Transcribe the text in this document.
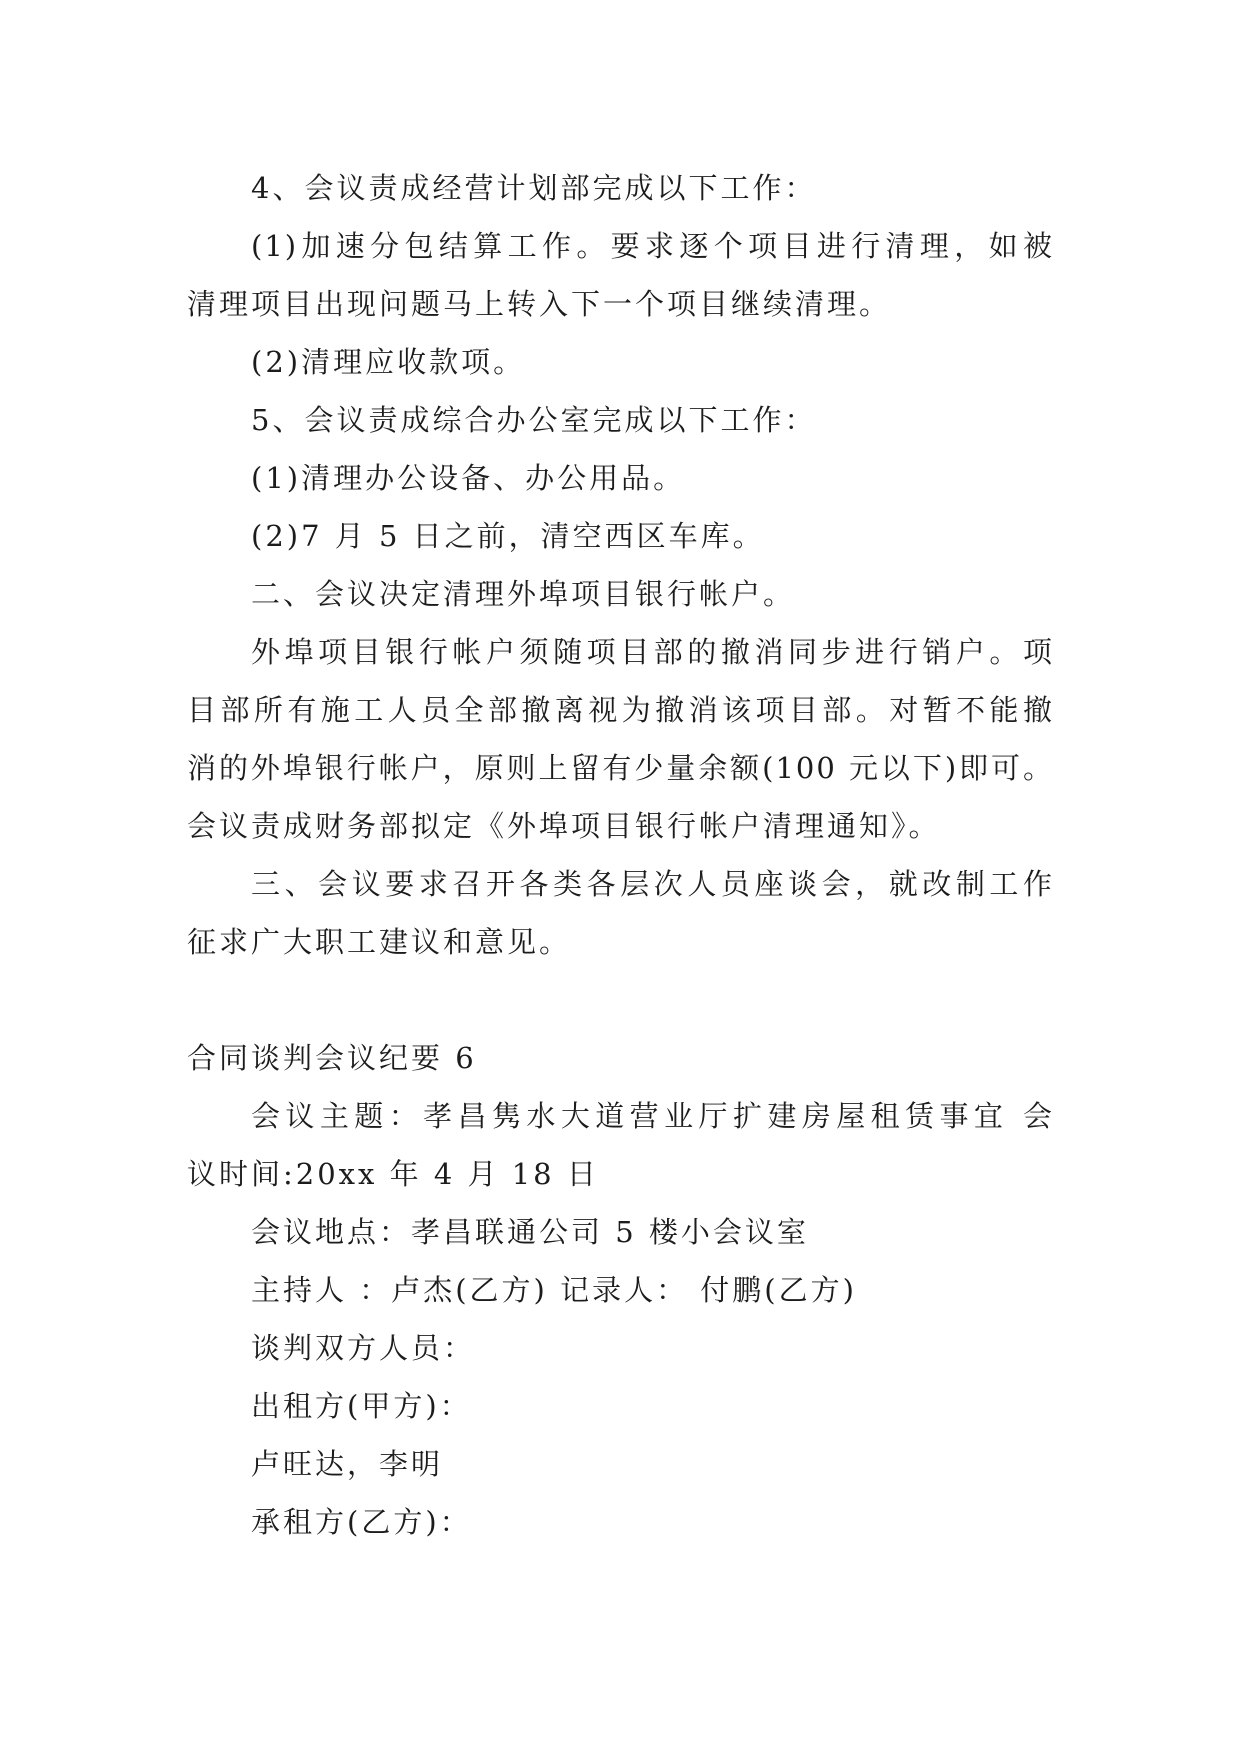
4、会议责成经营计划部完成以下工作：
(1)加速分包结算工作。要求逐个项目进行清理，如被
清理项目出现问题马上转入下一个项目继续清理。
(2)清理应收款项。
5、会议责成综合办公室完成以下工作：
(1)清理办公设备、办公用品。
(2)7 月 5 日之前，清空西区车库。
二、会议决定清理外埠项目银行帐户。
外埠项目银行帐户须随项目部的撤消同步进行销户。项
目部所有施工人员全部撤离视为撤消该项目部。对暂不能撤
消的外埠银行帐户，原则上留有少量余额(100 元以下)即可。
会议责成财务部拟定《外埠项目银行帐户清理通知》。
三、会议要求召开各类各层次人员座谈会，就改制工作
征求广大职工建议和意见。
合同谈判会议纪要 6
会议主题：孝昌隽水大道营业厅扩建房屋租赁事宜 会
议时间:20xx 年 4 月 18 日
会议地点：孝昌联通公司 5 楼小会议室
主持人 ：卢杰(乙方) 记录人： 付鹏(乙方)
谈判双方人员：
出租方(甲方)：
卢旺达，李明
承租方(乙方)：
